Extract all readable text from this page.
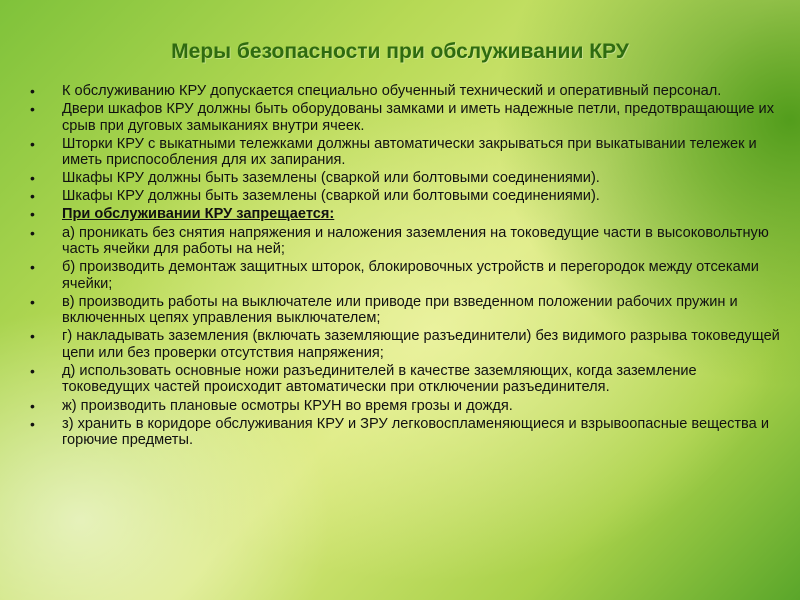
Меры безопасности при обслуживании КРУ
• К обслуживанию КРУ допускается специально обученный технический и оперативный персонал.
• Двери шкафов КРУ должны быть оборудованы замками и иметь надежные петли, предотвращающие их срыв при дуговых замыканиях внутри ячеек.
• Шторки КРУ с выкатными тележками должны автоматически закрываться при выкатывании тележек и иметь приспособления для их запирания.
• Шкафы КРУ должны быть заземлены (сваркой или болтовыми соединениями).
• Шкафы КРУ должны быть заземлены (сваркой или болтовыми соединениями).
• При обслуживании КРУ запрещается:
• а) проникать без снятия напряжения и наложения заземления на токоведущие части в высоковольтную часть ячейки для работы на ней;
• б) производить демонтаж защитных шторок, блокировочных устройств и перегородок между отсеками ячейки;
• в) производить работы на выключателе или приводе при взведенном положении рабочих пружин и включенных цепях управления выключателем;
• г) накладывать заземления (включать заземляющие разъединители) без видимого разрыва токоведущей цепи или без проверки отсутствия напряжения;
• д) использовать основные ножи разъединителей в качестве заземляющих, когда заземление токоведущих частей происходит автоматически при отключении разъединителя.
• ж) производить плановые осмотры КРУН во время грозы и дождя.
• з) хранить в коридоре обслуживания КРУ и ЗРУ легковоспламеняющиеся и взрывоопасные вещества и горючие предметы.
